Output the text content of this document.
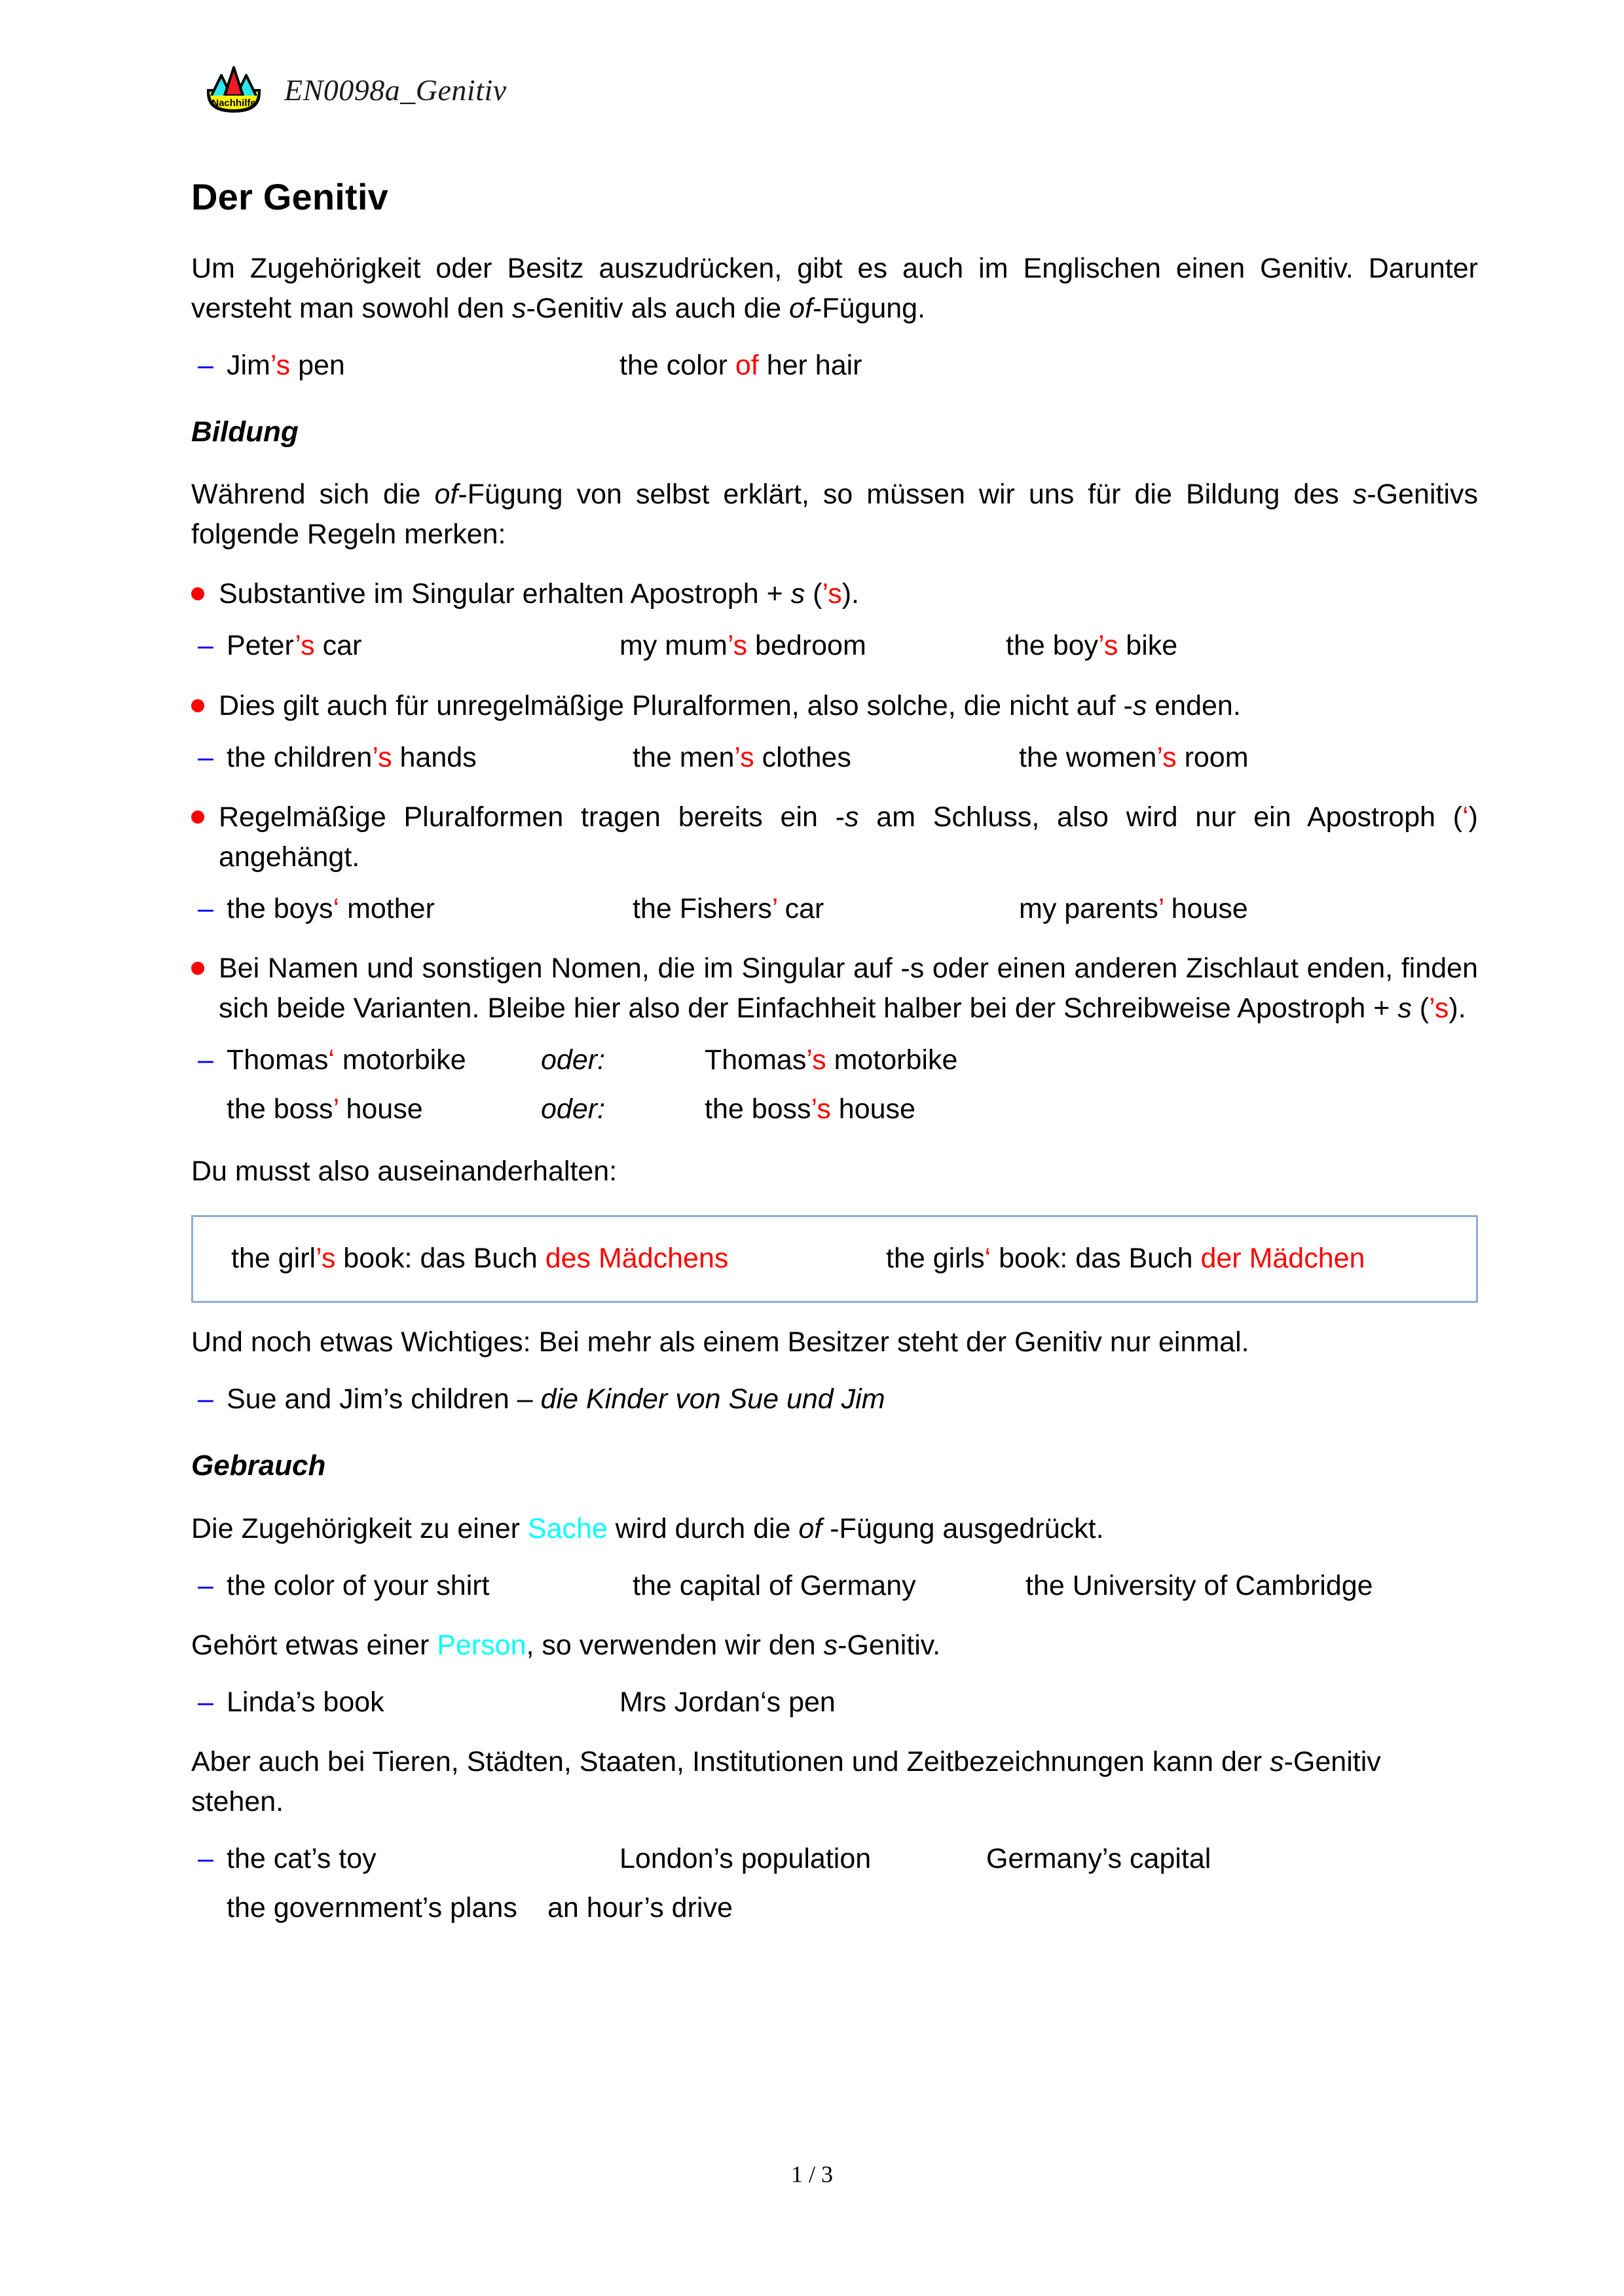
Nachhilfe EN0098a_Genitiv
Der Genitiv

Um Zugehörigkeit oder Besitz auszudrücken, gibt es auch im Englischen einen Genitiv. Darunter versteht man sowohl den s-Genitiv als auch die of-Fügung.

– Jim’s pen	the color of her hair
Bildung

Während sich die of-Fügung von selbst erklärt, so müssen wir uns für die Bildung des s-Genitivs folgende Regeln merken:

Substantive im Singular erhalten Apostroph + s (’s).
– Peter’s car	my mum’s bedroom	the boy’s bike
Dies gilt auch für unregelmäßige Pluralformen, also solche, die nicht auf -s enden.
– the children’s hands	the men’s clothes	the women’s room
Regelmäßige Pluralformen tragen bereits ein -s am Schluss, also wird nur ein Apostroph (‘) angehängt.
– the boys‘ mother	the Fishers’ car	my parents’ house
Bei Namen und sonstigen Nomen, die im Singular auf -s oder einen anderen Zischlaut enden, finden sich beide Varianten. Bleibe hier also der Einfachheit halber bei der Schreibweise Apostroph + s (’s).
– Thomas‘ motorbike	oder:	Thomas’s motorbike
the boss’ house	oder:	the boss’s house

Du musst also auseinanderhalten:

the girl’s book: das Buch des Mädchens	the girls‘ book: das Buch der Mädchen

Und noch etwas Wichtiges: Bei mehr als einem Besitzer steht der Genitiv nur einmal.

– Sue and Jim’s children – die Kinder von Sue und Jim
Gebrauch

Die Zugehörigkeit zu einer Sache wird durch die of -Fügung ausgedrückt.

– the color of your shirt	the capital of Germany	the University of Cambridge

Gehört etwas einer Person, so verwenden wir den s-Genitiv.

– Linda’s book	Mrs Jordan‘s pen

Aber auch bei Tieren, Städten, Staaten, Institutionen und Zeitbezeichnungen kann der s-Genitiv stehen.

– the cat’s toy	London’s population	Germany’s capital
the government’s plans	an hour’s drive
1 / 3
